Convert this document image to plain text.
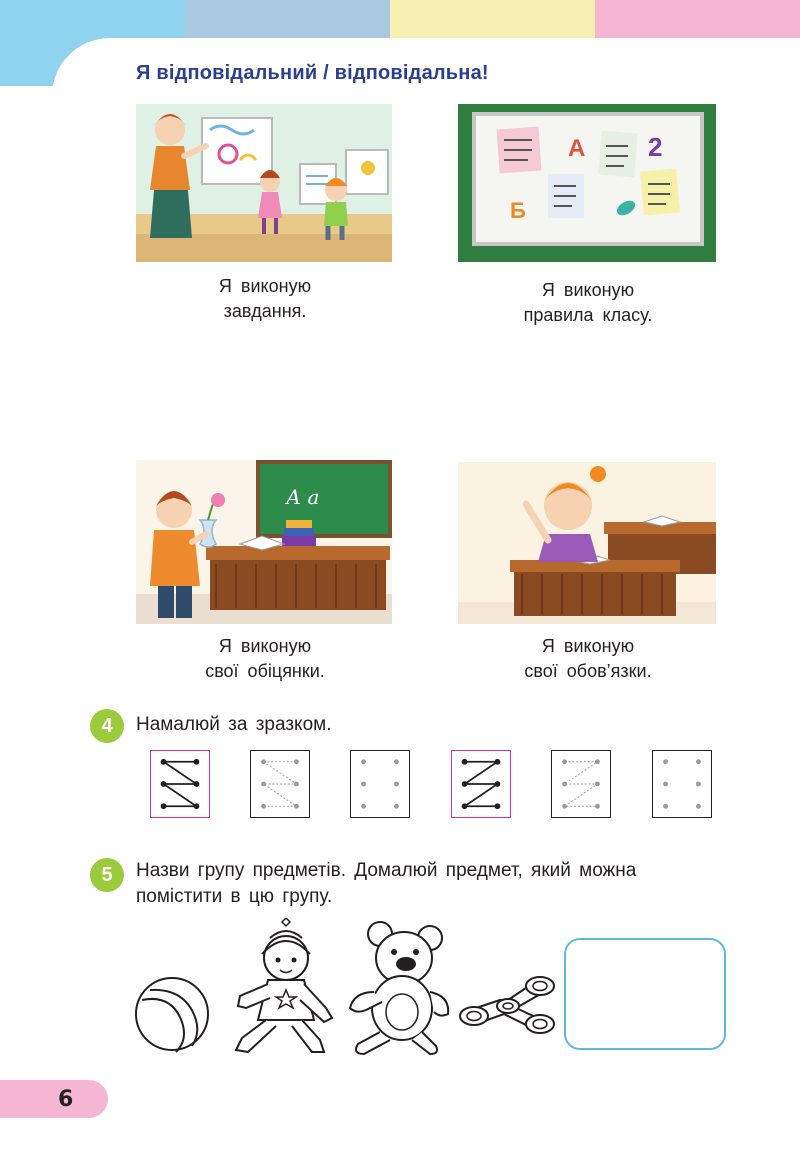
Я відповідальний / відповідальна!
А 2
Б
Я виконую
завдання.
Я виконую
правила класу.
А а
Я виконую
свої обіцянки.
Я виконую
свої обов’язки.
4	Намалюй за зразком.
5	Назви групу предметів. Домалюй предмет, який можна
помістити в цю групу.
6
